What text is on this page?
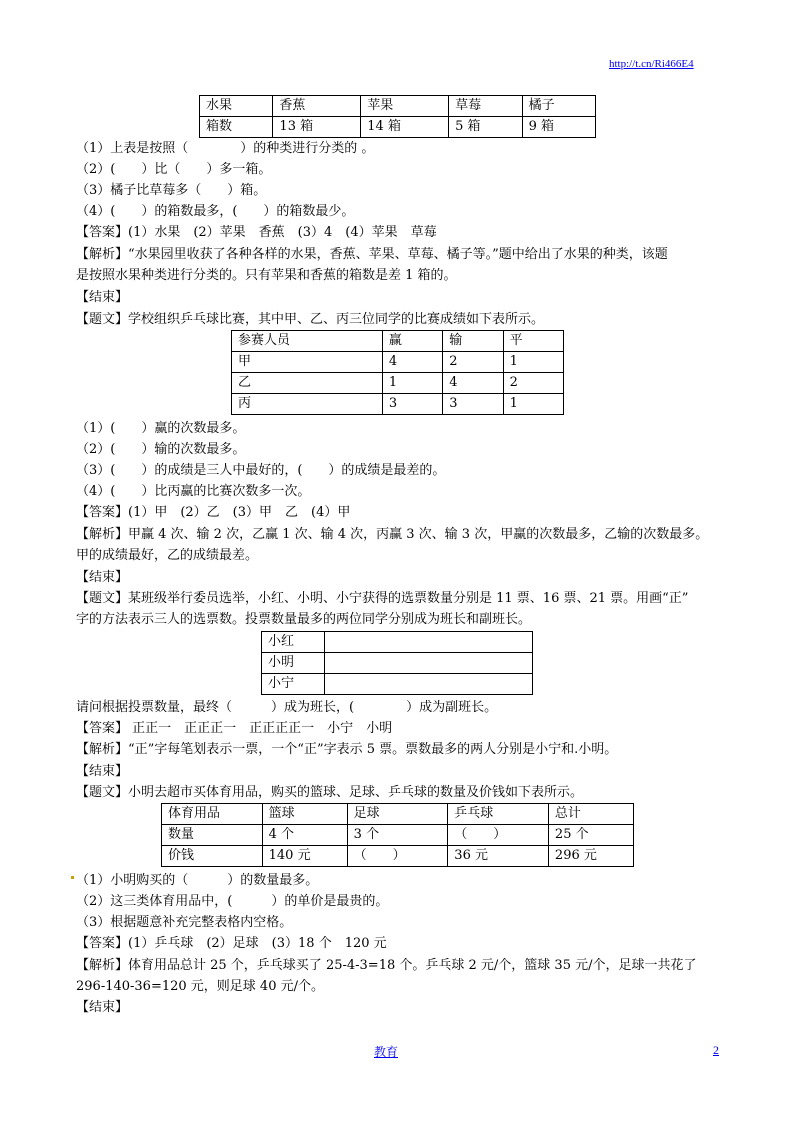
http://t.cn/Ri466E4
水果	香蕉	苹果	草莓	橘子
箱数	13 箱	14 箱	5 箱	9 箱
（1）上表是按照（　　　　）的种类进行分类的 。
（2）(　　）比（　　）多一箱。
（3）橘子比草莓多（　　）箱。
（4）(　　）的箱数最多，(　　）的箱数最少。
【答案】(1）水果　(2）苹果　香蕉　(3）4　(4）苹果　草莓
【解析】“水果园里收获了各种各样的水果，香蕉、苹果、草莓、橘子等。”题中给出了水果的种类，该题
是按照水果种类进行分类的。只有苹果和香蕉的箱数是差 1 箱的。
【结束】
【题文】学校组织乒乓球比赛，其中甲、乙、丙三位同学的比赛成绩如下表所示。
参赛人员	赢	输	平
甲	4	2	1
乙	1	4	2
丙	3	3	1
（1）(　　）赢的次数最多。
（2）(　　）输的次数最多。
（3）(　　）的成绩是三人中最好的，(　　）的成绩是最差的。
（4）(　　）比丙赢的比赛次数多一次。
【答案】(1）甲　(2）乙　(3）甲　乙　(4）甲
【解析】甲赢 4 次、输 2 次，乙赢 1 次、输 4 次，丙赢 3 次、输 3 次，甲赢的次数最多，乙输的次数最多。
甲的成绩最好，乙的成绩最差。
【结束】
【题文】某班级举行委员选举，小红、小明、小宁获得的选票数量分别是 11 票、16 票、21 票。用画“正”
字的方法表示三人的选票数。投票数量最多的两位同学分别成为班长和副班长。
小红	
小明	
小宁	
请问根据投票数量，最终（　　　）成为班长，(　　　　）成为副班长。
【答案】 正正一　正正正一　正正正正一　小宁　小明
【解析】“正”字每笔划表示一票，一个“正”字表示 5 票。票数最多的两人分别是小宁和.小明。
【结束】
【题文】小明去超市买体育用品，购买的篮球、足球、乒乓球的数量及价钱如下表所示。
体育用品	篮球	足球	乒乓球	总计
数量	4 个	3 个	（　　）	25 个
价钱	140 元	（　　）	36 元	296 元
（1）小明购买的（　　　）的数量最多。
（2）这三类体育用品中，(　　　）的单价是最贵的。
（3）根据题意补充完整表格内空格。
【答案】(1）乒乓球　(2）足球　(3）18 个　120 元
【解析】体育用品总计 25 个，乒乓球买了 25-4-3=18 个。乒乓球 2 元/个，篮球 35 元/个，足球一共花了
296-140-36=120 元，则足球 40 元/个。
【结束】
教育	2
